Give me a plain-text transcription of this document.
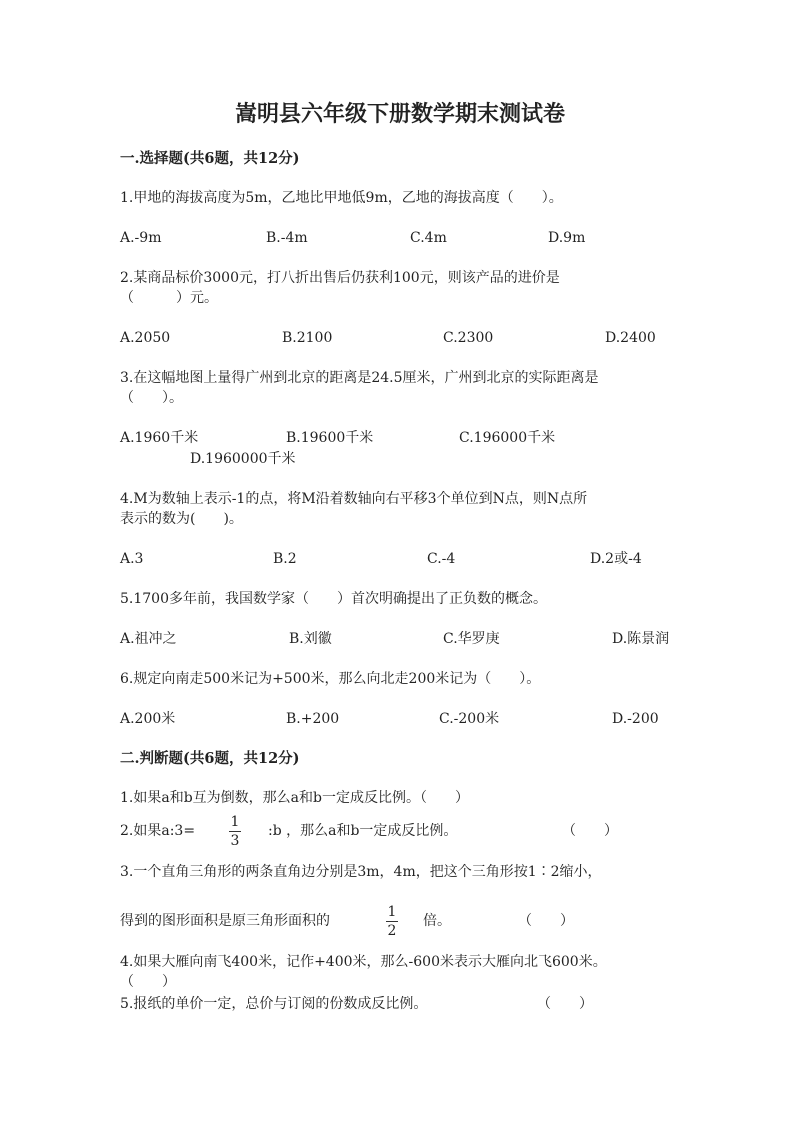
嵩明县六年级下册数学期末测试卷
一.选择题(共6题，共12分)
1.甲地的海拔高度为5m，乙地比甲地低9m，乙地的海拔高度（　　）。
A.-9m	B.-4m	C.4m	D.9m
2.某商品标价3000元，打八折出售后仍获利100元，则该产品的进价是
（　　　）元。
A.2050	B.2100	C.2300	D.2400
3.在这幅地图上量得广州到北京的距离是24.5厘米，广州到北京的实际距离是
（　　）。
A.1960千米	B.19600千米	C.196000千米
D.1960000千米
4.M为数轴上表示-1的点，将M沿着数轴向右平移3个单位到N点，则N点所
表示的数为(　　)。
A.3	B.2	C.-4	D.2或-4
5.1700多年前，我国数学家（　　）首次明确提出了正负数的概念。
A.祖冲之	B.刘徽	C.华罗庚	D.陈景润
6.规定向南走500米记为+500米，那么向北走200米记为（　　）。
A.200米	B.+200	C.-200米	D.-200
二.判断题(共6题，共12分)
1.如果a和b互为倒数，那么a和b一定成反比例。（　　）
2.如果a:3=
1
3
:b ，那么a和b一定成反比例。	（　　）
3.一个直角三角形的两条直角边分别是3m，4m，把这个三角形按1∶2缩小，
得到的图形面积是原三角形面积的
1
2
倍。	（　　）
4.如果大雁向南飞400米，记作+400米，那么-600米表示大雁向北飞600米。
（　　）
5.报纸的单价一定，总价与订阅的份数成反比例。	（　　）
